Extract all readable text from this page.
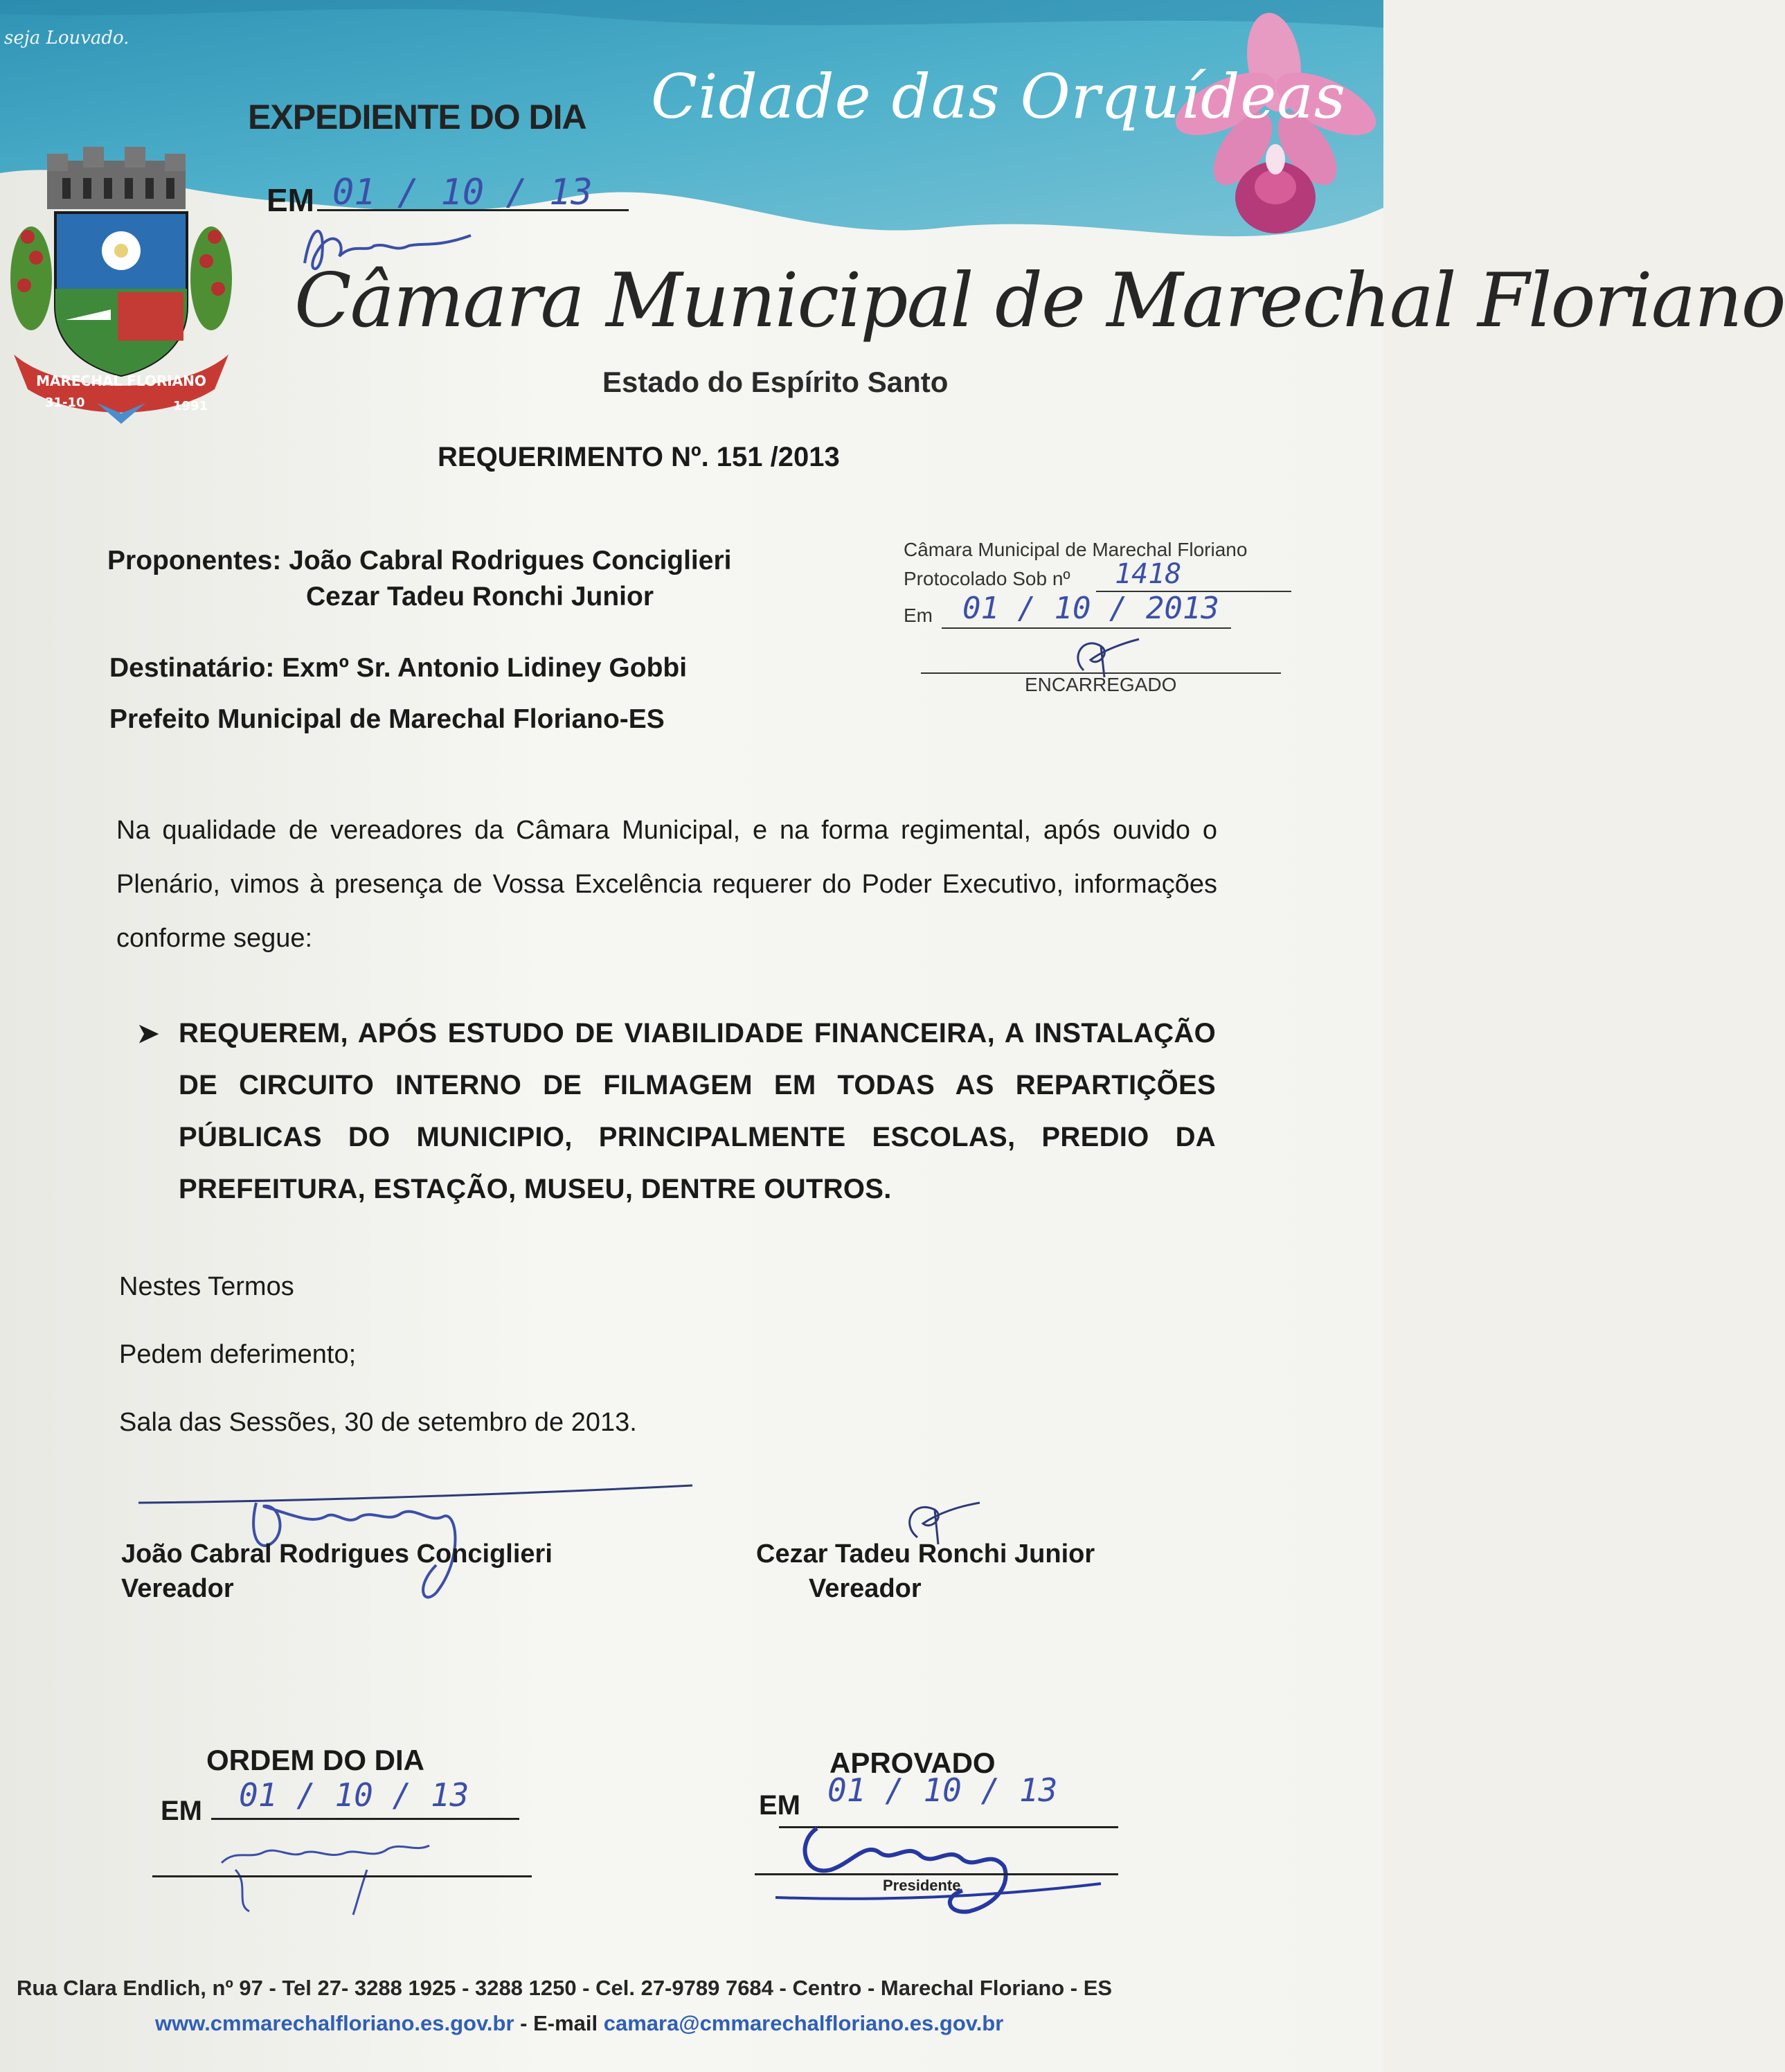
seja Louvado.
EXPEDIENTE DO DIA Cidade das Orquídeas
MARECHAL FLORIANO
31-10	1991
EM 01 / 10 / 13
Câmara Municipal de Marechal Floriano
Estado do Espírito Santo
REQUERIMENTO Nº. 151 /2013
Proponentes: João Cabral Rodrigues Conciglieri
Cezar Tadeu Ronchi Junior
Destinatário: Exmº Sr. Antonio Lidiney Gobbi
Prefeito Municipal de Marechal Floriano-ES
Câmara Municipal de Marechal Floriano
Protocolado Sob nº 1418
Em 01 / 10 / 2013
ENCARREGADO
Na qualidade de vereadores da Câmara Municipal, e na forma regimental, após ouvido o Plenário, vimos à presença de Vossa Excelência requerer do Poder Executivo, informações conforme segue:
➤ REQUEREM, APÓS ESTUDO DE VIABILIDADE FINANCEIRA, A INSTALAÇÃO DE CIRCUITO INTERNO DE FILMAGEM EM TODAS AS REPARTIÇÕES PÚBLICAS DO MUNICIPIO, PRINCIPALMENTE ESCOLAS, PREDIO DA PREFEITURA, ESTAÇÃO, MUSEU, DENTRE OUTROS.
Nestes Termos
Pedem deferimento;
Sala das Sessões, 30 de setembro de 2013.
João Cabral Rodrigues Conciglieri
Vereador
Cezar Tadeu Ronchi Junior
Vereador
ORDEM DO DIA
EM 01 / 10 / 13
APROVADO
EM 01 / 10 / 13
Presidente
Rua Clara Endlich, nº 97 - Tel 27- 3288 1925 - 3288 1250 - Cel. 27-9789 7684 - Centro - Marechal Floriano - ES
www.cmmarechalfloriano.es.gov.br - E-mail camara@cmmarechalfloriano.es.gov.br
